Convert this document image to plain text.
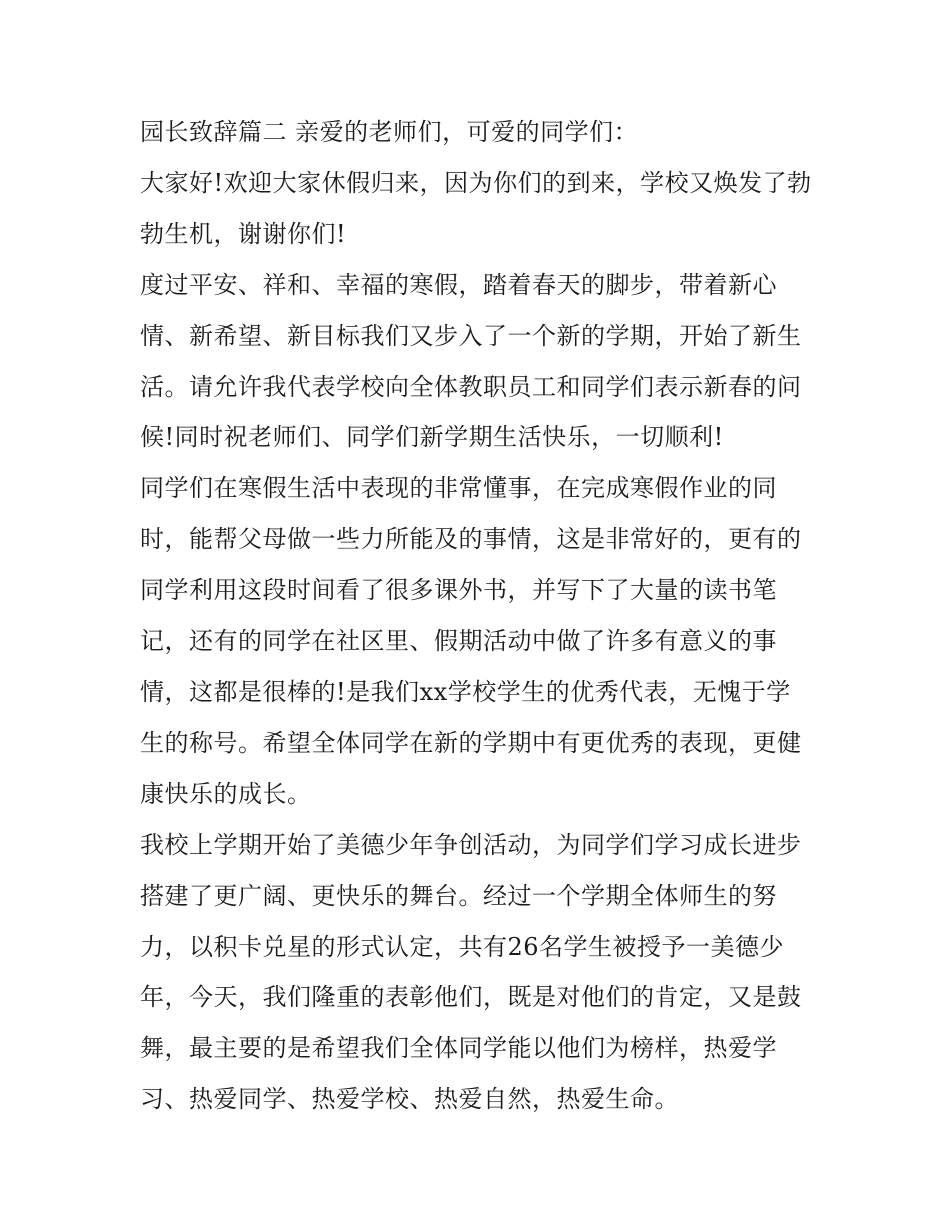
园长致辞篇二 亲爱的老师们，可爱的同学们：

大家好!欢迎大家休假归来，因为你们的到来，学校又焕发了勃勃生机，谢谢你们!

度过平安、祥和、幸福的寒假，踏着春天的脚步，带着新心情、新希望、新目标我们又步入了一个新的学期，开始了新生活。请允许我代表学校向全体教职员工和同学们表示新春的问候!同时祝老师们、同学们新学期生活快乐，一切顺利!

同学们在寒假生活中表现的非常懂事，在完成寒假作业的同时，能帮父母做一些力所能及的事情，这是非常好的，更有的同学利用这段时间看了很多课外书，并写下了大量的读书笔记，还有的同学在社区里、假期活动中做了许多有意义的事情，这都是很棒的!是我们xx学校学生的优秀代表，无愧于学生的称号。希望全体同学在新的学期中有更优秀的表现，更健康快乐的成长。

我校上学期开始了美德少年争创活动，为同学们学习成长进步搭建了更广阔、更快乐的舞台。经过一个学期全体师生的努力，以积卡兑星的形式认定，共有26名学生被授予一美德少年，今天，我们隆重的表彰他们，既是对他们的肯定，又是鼓舞，最主要的是希望我们全体同学能以他们为榜样，热爱学习、热爱同学、热爱学校、热爱自然，热爱生命。
